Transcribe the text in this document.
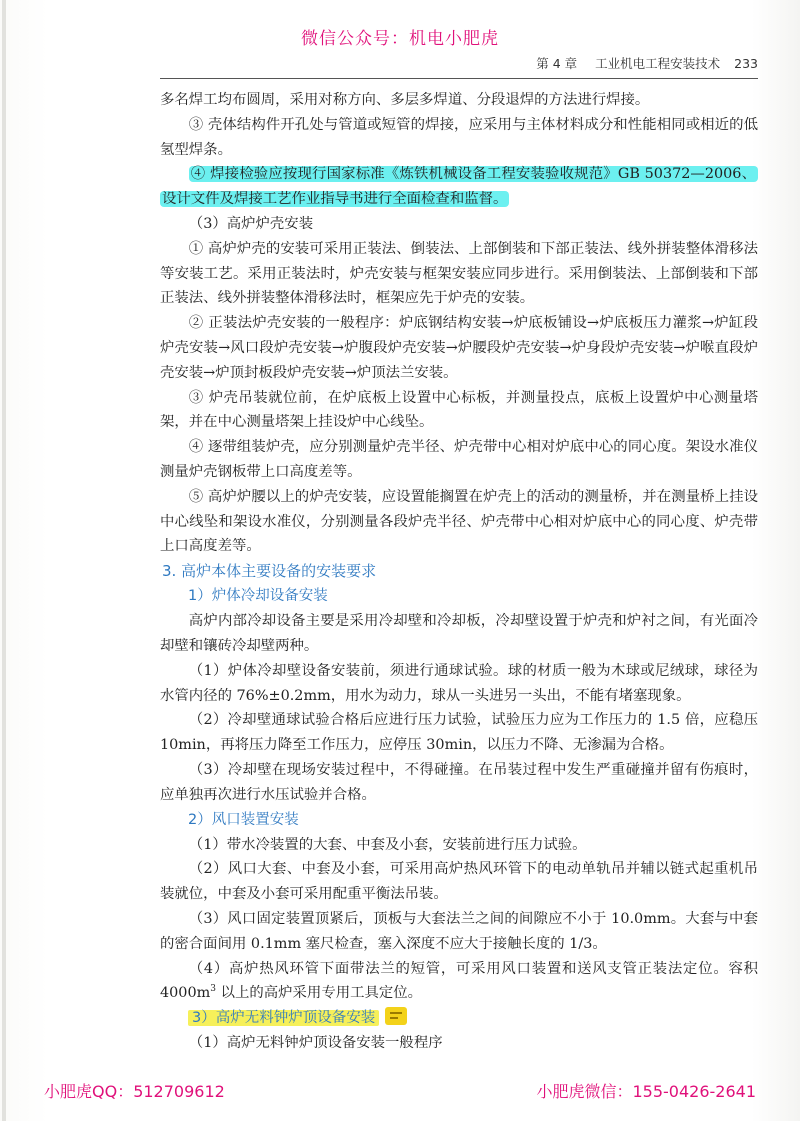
微信公众号：机电小肥虎
第 4 章 工业机电工程安装技术 233

多名焊工均布圆周，采用对称方向、多层多焊道、分段退焊的方法进行焊接。

③ 壳体结构件开孔处与管道或短管的焊接，应采用与主体材料成分和性能相同或相近的低氢型焊条。

④ 焊接检验应按现行国家标准《炼铁机械设备工程安装验收规范》GB 50372—2006、设计文件及焊接工艺作业指导书进行全面检查和监督。

（3）高炉炉壳安装

① 高炉炉壳的安装可采用正装法、倒装法、上部倒装和下部正装法、线外拼装整体滑移法等安装工艺。采用正装法时，炉壳安装与框架安装应同步进行。采用倒装法、上部倒装和下部正装法、线外拼装整体滑移法时，框架应先于炉壳的安装。

② 正装法炉壳安装的一般程序：炉底钢结构安装→炉底板铺设→炉底板压力灌浆→炉缸段炉壳安装→风口段炉壳安装→炉腹段炉壳安装→炉腰段炉壳安装→炉身段炉壳安装→炉喉直段炉壳安装→炉顶封板段炉壳安装→炉顶法兰安装。

③ 炉壳吊装就位前，在炉底板上设置中心标板，并测量投点，底板上设置炉中心测量塔架，并在中心测量塔架上挂设炉中心线坠。

④ 逐带组装炉壳，应分别测量炉壳半径、炉壳带中心相对炉底中心的同心度。架设水准仪测量炉壳钢板带上口高度差等。

⑤ 高炉炉腰以上的炉壳安装，应设置能搁置在炉壳上的活动的测量桥，并在测量桥上挂设中心线坠和架设水准仪，分别测量各段炉壳半径、炉壳带中心相对炉底中心的同心度、炉壳带上口高度差等。

3. 高炉本体主要设备的安装要求

1）炉体冷却设备安装

高炉内部冷却设备主要是采用冷却壁和冷却板，冷却壁设置于炉壳和炉衬之间，有光面冷却壁和镶砖冷却壁两种。

（1）炉体冷却壁设备安装前，须进行通球试验。球的材质一般为木球或尼绒球，球径为水管内径的 76%±0.2mm，用水为动力，球从一头进另一头出，不能有堵塞现象。

（2）冷却壁通球试验合格后应进行压力试验，试验压力应为工作压力的 1.5 倍，应稳压 10min，再将压力降至工作压力，应停压 30min，以压力不降、无渗漏为合格。

（3）冷却壁在现场安装过程中，不得碰撞。在吊装过程中发生严重碰撞并留有伤痕时，应单独再次进行水压试验并合格。

2）风口装置安装

（1）带水冷装置的大套、中套及小套，安装前进行压力试验。

（2）风口大套、中套及小套，可采用高炉热风环管下的电动单轨吊并辅以链式起重机吊装就位，中套及小套可采用配重平衡法吊装。

（3）风口固定装置顶紧后，顶板与大套法兰之间的间隙应不小于 10.0mm。大套与中套的密合面间用 0.1mm 塞尺检查，塞入深度不应大于接触长度的 1/3。

（4）高炉热风环管下面带法兰的短管，可采用风口装置和送风支管正装法定位。容积 $4000m^3$ 以上的高炉采用专用工具定位。

3）高炉无料钟炉顶设备安装

（1）高炉无料钟炉顶设备安装一般程序

小肥虎QQ：512709612	小肥虎微信：155-0426-2641
